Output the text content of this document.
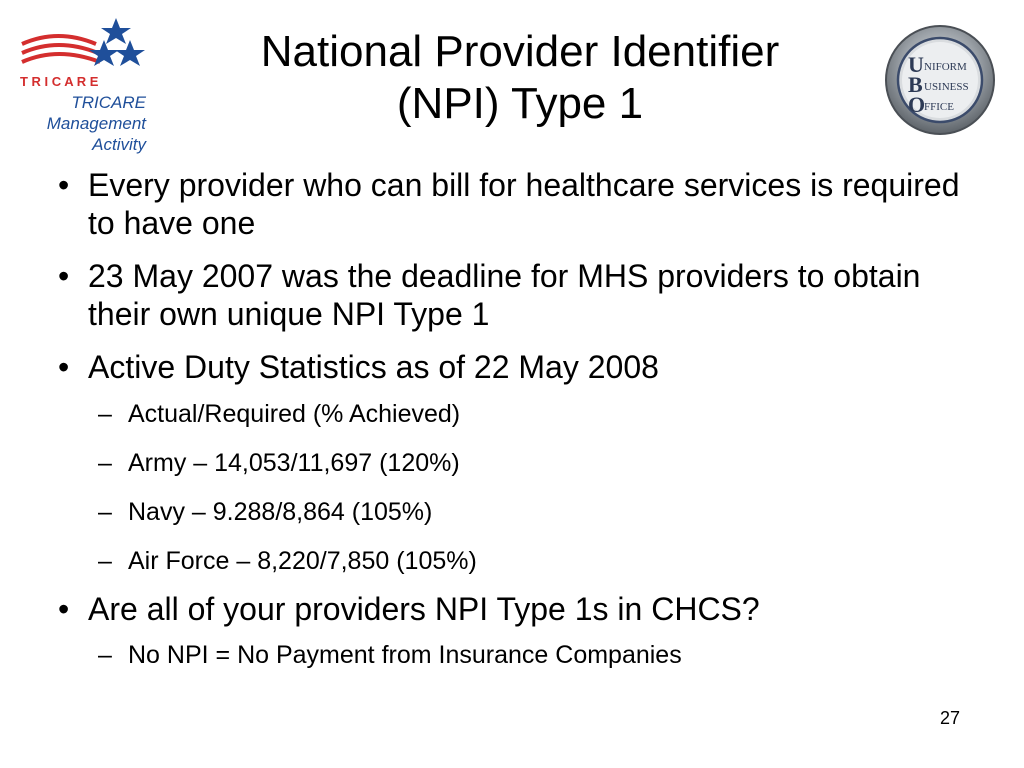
T R I C A R E
TRICARE
Management
Activity
National Provider Identifier
(NPI) Type 1
U NIFORM
B USINESS
O
FFICE
• Every provider who can bill for healthcare services is required to have one
• 23 May 2007 was the deadline for MHS providers to obtain their own unique NPI Type 1
• Active Duty Statistics as of 22 May 2008
– Actual/Required (% Achieved)
– Army – 14,053/11,697 (120%)
– Navy – 9.288/8,864 (105%)
– Air Force – 8,220/7,850 (105%)
• Are all of your providers NPI Type 1s in CHCS?
– No NPI = No Payment from Insurance Companies
27
